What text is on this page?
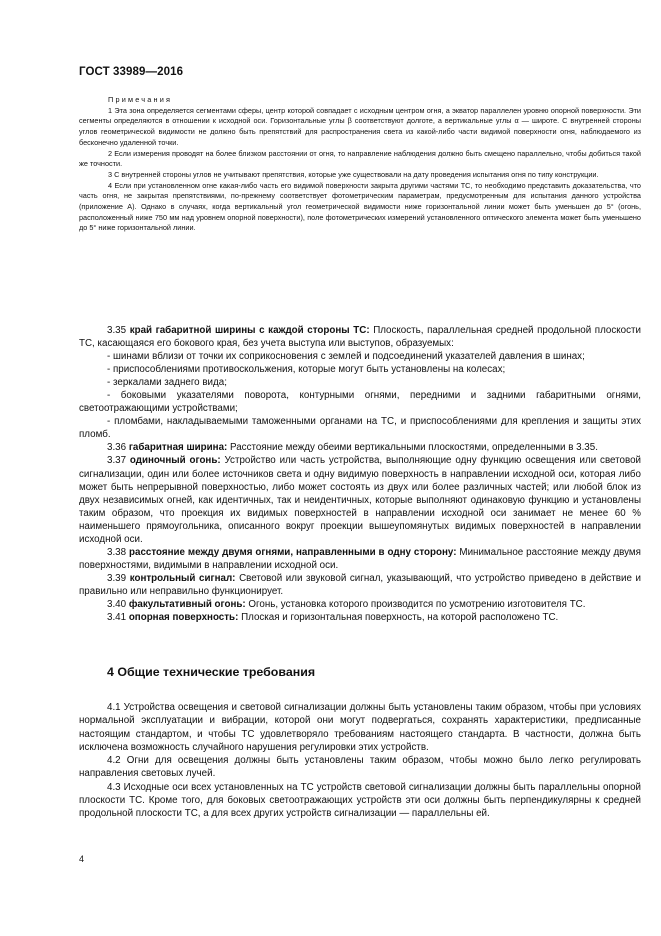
ГОСТ 33989—2016

Примечания

1 Эта зона определяется сегментами сферы, центр которой совпадает с исходным центром огня, а экватор параллелен уровню опорной поверхности. Эти сегменты определяются в отношении к исходной оси. Горизонтальные углы β соответствуют долготе, а вертикальные углы α — широте. С внутренней стороны углов геометрической видимости не должно быть препятствий для распространения света из какой-либо части видимой поверхности огня, наблюдаемого из бесконечно удаленной точки.

2 Если измерения проводят на более близком расстоянии от огня, то направление наблюдения должно быть смещено параллельно, чтобы добиться такой же точности.

3 С внутренней стороны углов не учитывают препятствия, которые уже существовали на дату проведения испытания огня по типу конструкции.

4 Если при установленном огне какая-либо часть его видимой поверхности закрыта другими частями ТС, то необходимо представить доказательства, что часть огня, не закрытая препятствиями, по-прежнему соответствует фотометрическим параметрам, предусмотренным для испытания данного устройства (приложение А). Однако в случаях, когда вертикальный угол геометрической видимости ниже горизонтальной линии может быть уменьшен до 5° (огонь, расположенный ниже 750 мм над уровнем опорной поверхности), поле фотометрических измерений установленного оптического элемента может быть уменьшено до 5° ниже горизонтальной линии.

3.35 край габаритной ширины с каждой стороны ТС: Плоскость, параллельная средней продольной плоскости ТС, касающаяся его бокового края, без учета выступа или выступов, образуемых:

- шинами вблизи от точки их соприкосновения с землей и подсоединений указателей давления в шинах;

- приспособлениями противоскольжения, которые могут быть установлены на колесах;

- зеркалами заднего вида;

- боковыми указателями поворота, контурными огнями, передними и задними габаритными огнями, светоотражающими устройствами;

- пломбами, накладываемыми таможенными органами на ТС, и приспособлениями для крепления и защиты этих пломб.

3.36 габаритная ширина: Расстояние между обеими вертикальными плоскостями, определенными в 3.35.

3.37 одиночный огонь: Устройство или часть устройства, выполняющие одну функцию освещения или световой сигнализации, один или более источников света и одну видимую поверхность в направлении исходной оси, которая либо может быть непрерывной поверхностью, либо может состоять из двух или более различных частей; или любой блок из двух независимых огней, как идентичных, так и неидентичных, которые выполняют одинаковую функцию и установлены таким образом, что проекция их видимых поверхностей в направлении исходной оси занимает не менее 60 % наименьшего прямоугольника, описанного вокруг проекции вышеупомянутых видимых поверхностей в направлении исходной оси.

3.38 расстояние между двумя огнями, направленными в одну сторону: Минимальное расстояние между двумя поверхностями, видимыми в направлении исходной оси.

3.39 контрольный сигнал: Световой или звуковой сигнал, указывающий, что устройство приведено в действие и правильно или неправильно функционирует.

3.40 факультативный огонь: Огонь, установка которого производится по усмотрению изготовителя ТС.

3.41 опорная поверхность: Плоская и горизонтальная поверхность, на которой расположено ТС.

4 Общие технические требования

4.1 Устройства освещения и световой сигнализации должны быть установлены таким образом, чтобы при условиях нормальной эксплуатации и вибрации, которой они могут подвергаться, сохранять характеристики, предписанные настоящим стандартом, и чтобы ТС удовлетворяло требованиям настоящего стандарта. В частности, должна быть исключена возможность случайного нарушения регулировки этих устройств.

4.2 Огни для освещения должны быть установлены таким образом, чтобы можно было легко регулировать направления световых лучей.

4.3 Исходные оси всех установленных на ТС устройств световой сигнализации должны быть параллельны опорной плоскости ТС. Кроме того, для боковых светоотражающих устройств эти оси должны быть перпендикулярны к средней продольной плоскости ТС, а для всех других устройств сигнализации — параллельны ей.

4
